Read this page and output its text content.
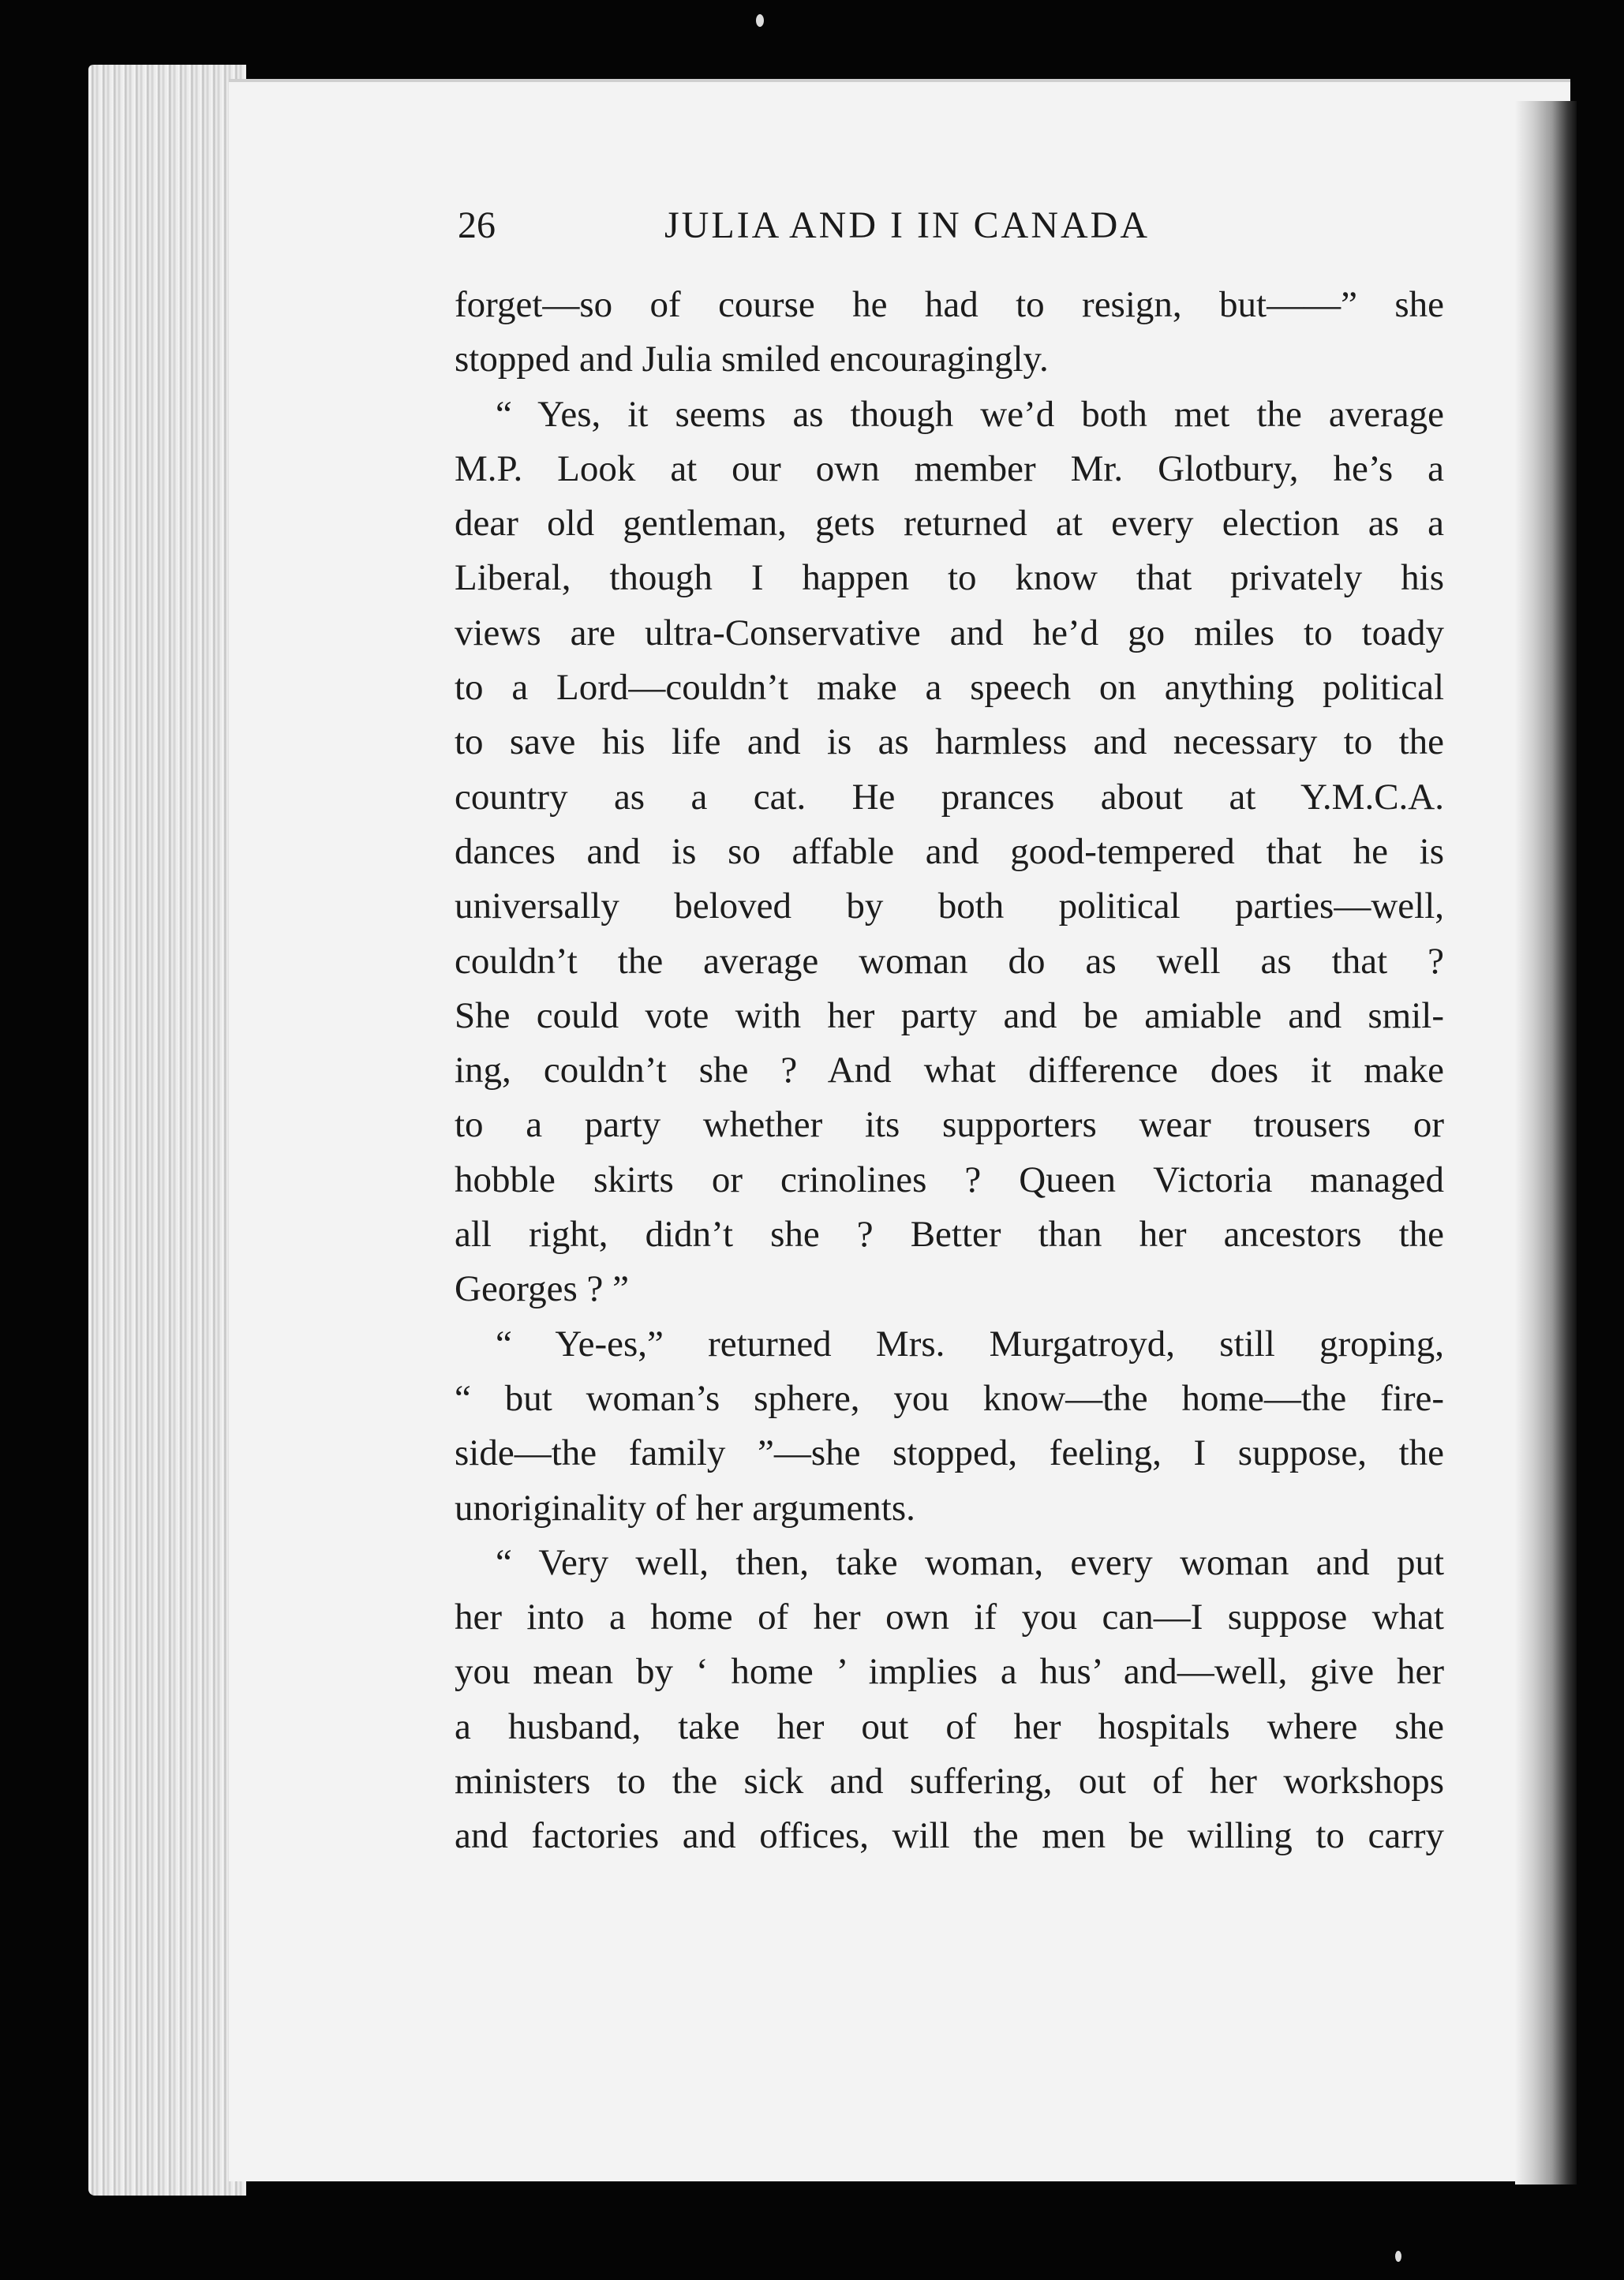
26	JULIA AND I IN CANADA
forget—so of course he had to resign, but——” she
stopped and Julia smiled encouragingly.
“ Yes, it seems as though we’d both met the average
M.P. Look at our own member Mr. Glotbury, he’s a
dear old gentleman, gets returned at every election as a
Liberal, though I happen to know that privately his
views are ultra-Conservative and he’d go miles to toady
to a Lord—couldn’t make a speech on anything political
to save his life and is as harmless and necessary to the
country as a cat. He prances about at Y.M.C.A.
dances and is so affable and good-tempered that he is
universally beloved by both political parties—well,
couldn’t the average woman do as well as that ?
She could vote with her party and be amiable and smil-
ing, couldn’t she ? And what difference does it make
to a party whether its supporters wear trousers or
hobble skirts or crinolines ? Queen Victoria managed
all right, didn’t she ? Better than her ancestors the
Georges ? ”
“ Ye-es,” returned Mrs. Murgatroyd, still groping,
“ but woman’s sphere, you know—the home—the fire-
side—the family ”—she stopped, feeling, I suppose, the
unoriginality of her arguments.
“ Very well, then, take woman, every woman and put
her into a home of her own if you can—I suppose what
you mean by ‘ home ’ implies a hus’ and—well, give her
a husband, take her out of her hospitals where she
ministers to the sick and suffering, out of her workshops
and factories and offices, will the men be willing to carry
